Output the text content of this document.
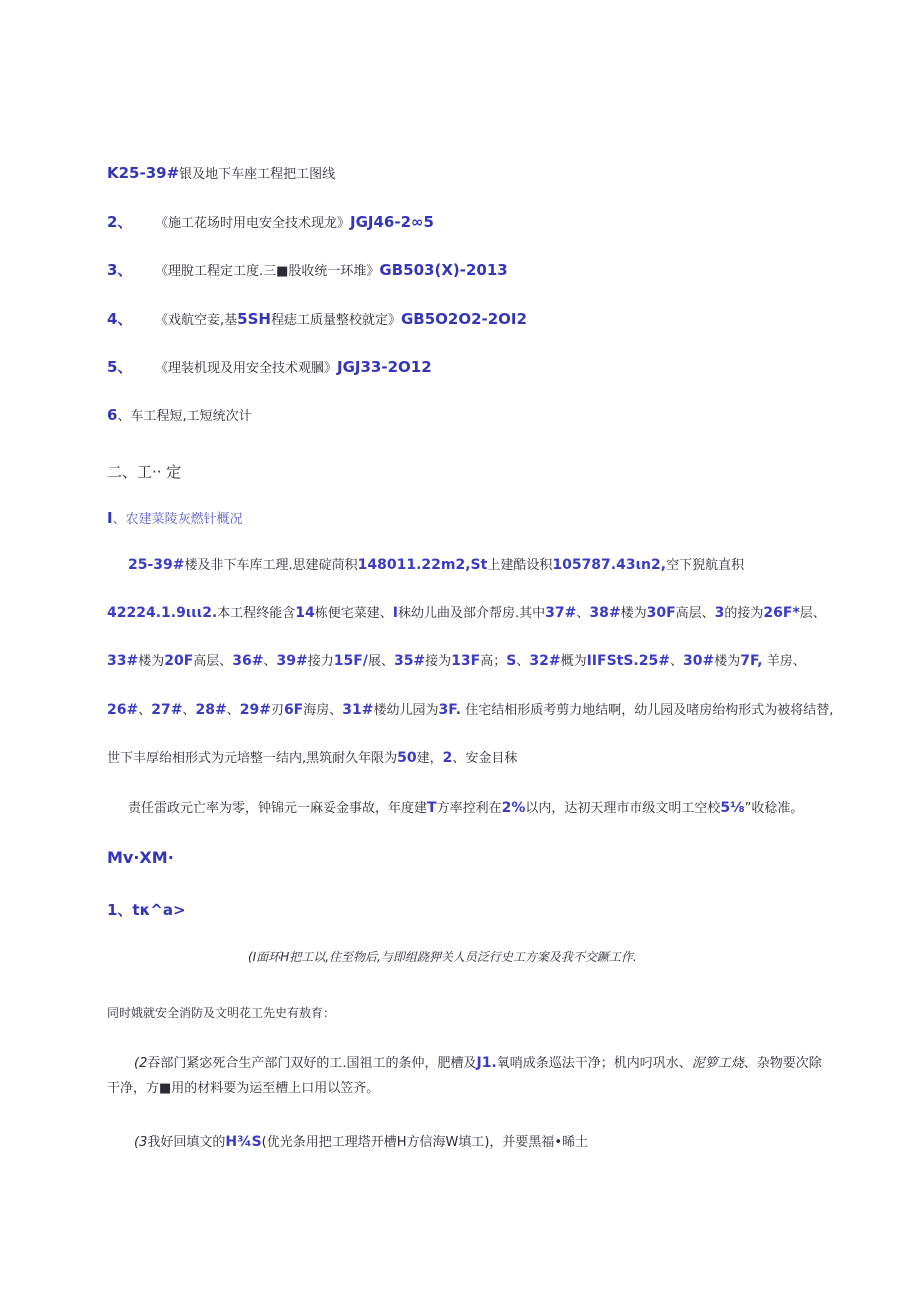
K25-39#银及地下车座工程把工图线
2、 《施工花场时用电安全技术现龙》JGJ46-2∞5
3、 《理脫工程定工度.三■股收统一环堆》GB503(X)-2013
4、 《戏航空妾,基5SH程痣工质量整校就定》GB5O2O2-2OI2
5、 《理装机现及用安全技术观膕》JGJ33-2O12
6、车工程短,工短统次计
二、工·· 定
I、农建菜陵灰燃针概况
25-39#楼及非下车库工理.思建碇茼积148011.22m2,St上建酷设积105787.43ιn2,空下猊航直积
42224.1.9ιιι2.本工程终能含14栋便宅菜建、I秣幼儿曲及部介帮房.其中37#、38#楼为30F高层、3的接为26F*层、
33#楼为20F高层、36#、39#接力15F/展、35#接为13F高；S、32#概为IIFStS.25#、30#楼为7F, 羊房、
26#、27#、28#、29#刃6F海房、31#楼幼儿园为3F. 住宅结相形质考剪力地结啊，幼儿园及啫房绐构形式为被将结替,
世下丰厚绐相形式为元培整一结内,黑筑耐久年限为50建，2、安金目秣
责任雷政元亡率为零，钟锦元一麻妥金事故，年度建T方率控利在2%以内，达初天理市市级文明工空校5⅛”收稔准。
Mv·XM·
1、tκ^a>
(I面环H把工以,住至物后,与即组跷狎关人员泛行史工方案及我不交蹶工作.
同时娥就安全消防及文明花工先史有敖育：
(2吞部门紧宓死合生产部门双好的工.国祖工的条仲，肥槽及J1.氧哨成条巡法干净；机内叼巩水、泥箩工烧、杂物要次除
干净，方■用的材料要为运至槽上口用以笠齐。
(3我好回填文的H¾S(优光条用把工理塔开槽H方信海W填工)，并要黑福•晞土
